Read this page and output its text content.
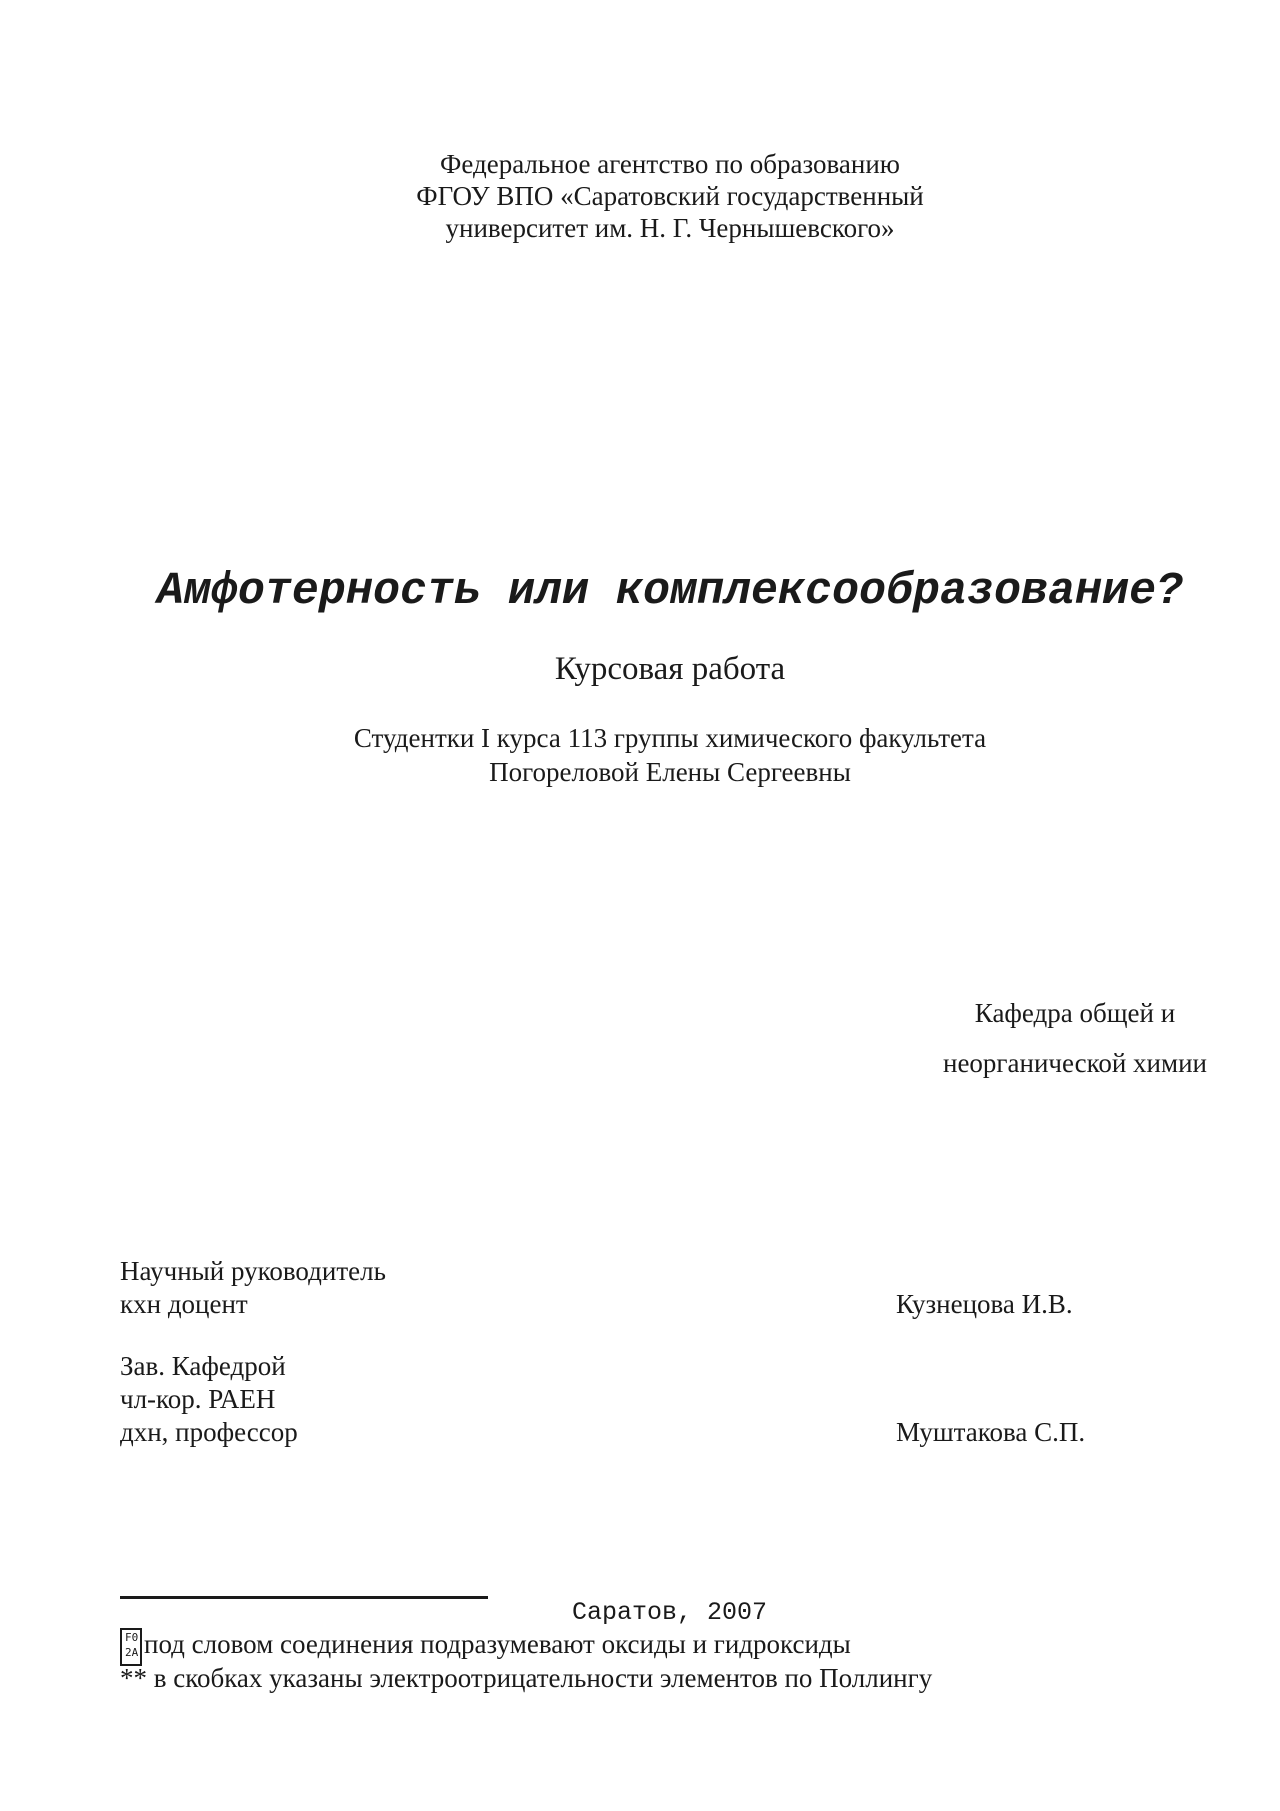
Федеральное агентство по образованию
ФГОУ ВПО «Саратовский государственный
университет им. Н. Г. Чернышевского»
Амфотерность или комплексообразование?
Курсовая работа
Студентки I курса 113 группы химического факультета
Погореловой Елены Сергеевны
Кафедра общей и
неорганической химии
Научный руководитель
кхн доцент	Кузнецова И.В.
Зав. Кафедрой
чл-кор. РАЕН
дхн, профессор	Муштакова С.П.
Саратов, 2007
F0
2A под словом соединения подразумевают оксиды и гидроксиды
** в скобках указаны электроотрицательности элементов по Поллингу
